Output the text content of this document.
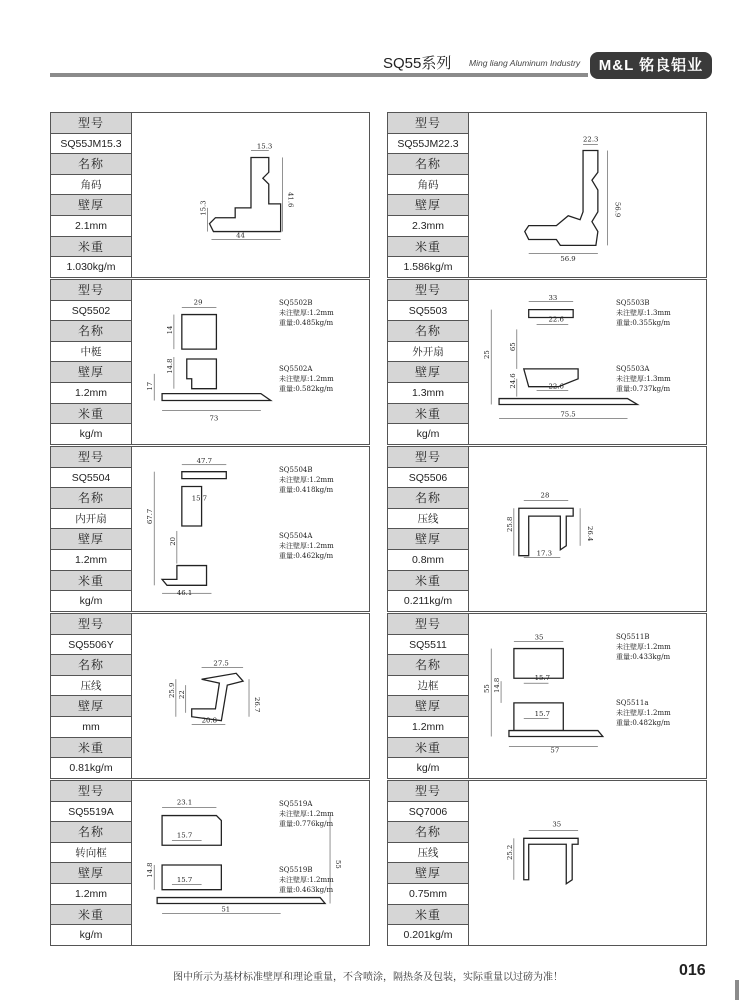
SQ55系列 Ming liang Aluminum Industry	M&L 铭良铝业
型号
SQ55JM15.3
名称
角码
壁厚
2.1mm
米重
1.030kg/m
15.3
41.6
15.3
44
型号
SQ55JM22.3
名称
角码
壁厚
2.3mm
米重
1.586kg/m
22.3
56.9
56.9
型号
SQ5502
名称
中梃
壁厚
1.2mm
米重
kg/m
29
14
14.8
17
73
SQ5502B
未注壁厚:1.2mm
重量:0.485kg/m
SQ5502A
未注壁厚:1.2mm
重量:0.582kg/m
型号
SQ5503
名称
外开扇
壁厚
1.3mm
米重
kg/m
33
22.6
25
65
24.6	22.6
75.5
SQ5503B
未注壁厚:1.3mm
重量:0.355kg/m
SQ5503A
未注壁厚:1.3mm
重量:0.737kg/m
型号
SQ5504
名称
内开扇
壁厚
1.2mm
米重
kg/m
47.7
15.7
67.7
20
46.1
SQ5504B
未注壁厚:1.2mm
重量:0.418kg/m
SQ5504A
未注壁厚:1.2mm
重量:0.462kg/m
型号
SQ5506
名称
压线
壁厚
0.8mm
米重
0.211kg/m
28
25.8
26.4
17.3
型号
SQ5506Y
名称
压线
壁厚
mm
米重
0.81kg/m
27.5
25.9 22
26.7
20.8
型号
SQ5511
名称
边框
壁厚
1.2mm
米重
kg/m
35
15.7
55 14.8
15.7
57
SQ5511B
未注壁厚:1.2mm
重量:0.433kg/m
SQ5511a
未注壁厚:1.2mm
重量:0.482kg/m
型号
SQ5519A
名称
转向框
壁厚
1.2mm
米重
kg/m
23.1
15.7
14.8
15.7
51
55
SQ5519A
未注壁厚:1.2mm
重量:0.776kg/m
SQ5519B
未注壁厚:1.2mm
重量:0.463kg/m
型号
SQ7006
名称
压线
壁厚
0.75mm
米重
0.201kg/m
35
25.2
图中所示为基材标准壁厚和理论重量，不含喷涂，隔热条及包装，实际重量以过磅为准！	016
